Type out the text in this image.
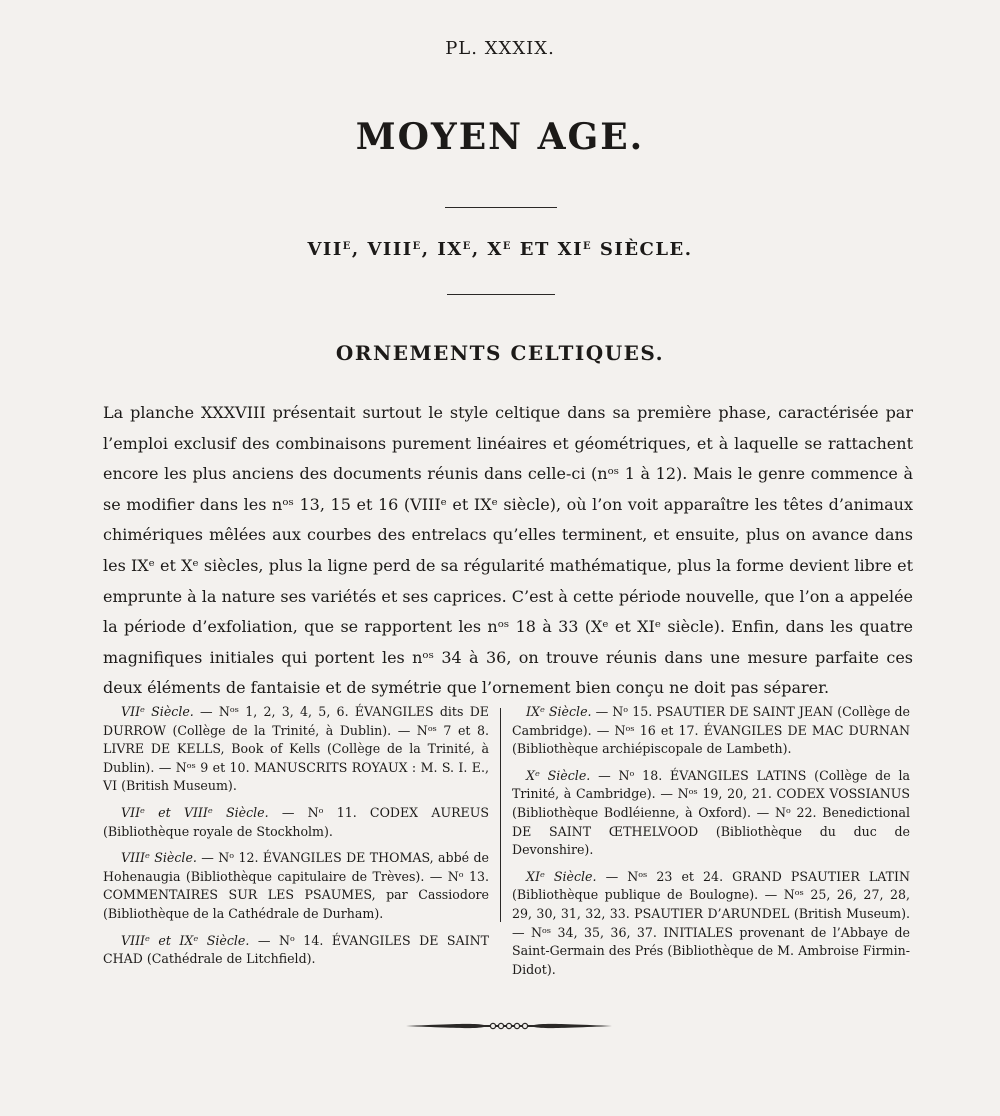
PL. XXXIX.
MOYEN AGE.
$VII^E$, $VIII^E$, $IX^E$, $X^E$ ET $XI^E$ SIÈCLE.
ORNEMENTS CELTIQUES.

La planche XXXVIII présentait surtout le style celtique dans sa première phase, caractérisée par l’emploi exclusif des combinaisons purement linéaires et géométriques, et à laquelle se rattachent encore les plus anciens des documents réunis dans celle-ci (nᵒˢ 1 à 12). Mais le genre commence à se modifier dans les nᵒˢ 13, 15 et 16 (VIIIᵉ et IXᵉ siècle), où l’on voit apparaître les têtes d’animaux chimériques mêlées aux courbes des entrelacs qu’elles terminent, et ensuite, plus on avance dans les IXᵉ et Xᵉ siècles, plus la ligne perd de sa régularité mathématique, plus la forme devient libre et emprunte à la nature ses variétés et ses caprices. C’est à cette période nouvelle, que l’on a appelée la période d’exfoliation, que se rapportent les nᵒˢ 18 à 33 (Xᵉ et XIᵉ siècle). Enfin, dans les quatre magnifiques initiales qui portent les nᵒˢ 34 à 36, on trouve réunis dans une mesure parfaite ces deux éléments de fantaisie et de symétrie que l’ornement bien conçu ne doit pas séparer.

VIIᵉ Siècle. — Nᵒˢ 1, 2, 3, 4, 5, 6. ÉVANGILES dits DE DURROW (Collège de la Trinité, à Dublin). — Nᵒˢ 7 et 8. LIVRE DE KELLS, Book of Kells (Collège de la Trinité, à Dublin). — Nᵒˢ 9 et 10. MANUSCRITS ROYAUX : M. S. I. E., VI (British Museum).

VIIᵉ et VIIIᵉ Siècle. — Nᵒ 11. CODEX AUREUS (Bibliothèque royale de Stockholm).

VIIIᵉ Siècle. — Nᵒ 12. ÉVANGILES DE THOMAS, abbé de Hohenaugia (Bibliothèque capitulaire de Trèves). — Nᵒ 13. COMMENTAIRES SUR LES PSAUMES, par Cassiodore (Bibliothèque de la Cathédrale de Durham).

VIIIᵉ et IXᵉ Siècle. — Nᵒ 14. ÉVANGILES DE SAINT CHAD (Cathédrale de Litchfield).

IXᵉ Siècle. — Nᵒ 15. PSAUTIER DE SAINT JEAN (Collège de Cambridge). — Nᵒˢ 16 et 17. ÉVANGILES DE MAC DURNAN (Bibliothèque archiépiscopale de Lambeth).

Xᵉ Siècle. — Nᵒ 18. ÉVANGILES LATINS (Collège de la Trinité, à Cambridge). — Nᵒˢ 19, 20, 21. CODEX VOSSIANUS (Bibliothèque Bodléienne, à Oxford). — Nᵒ 22. Benedictional DE SAINT ŒTHELVOOD (Bibliothèque du duc de Devonshire).

XIᵉ Siècle. — Nᵒˢ 23 et 24. GRAND PSAUTIER LATIN (Bibliothèque publique de Boulogne). — Nᵒˢ 25, 26, 27, 28, 29, 30, 31, 32, 33. PSAUTIER D’ARUNDEL (British Museum). — Nᵒˢ 34, 35, 36, 37. INITIALES provenant de l’Abbaye de Saint-Germain des Prés (Bibliothèque de M. Ambroise Firmin-Didot).
